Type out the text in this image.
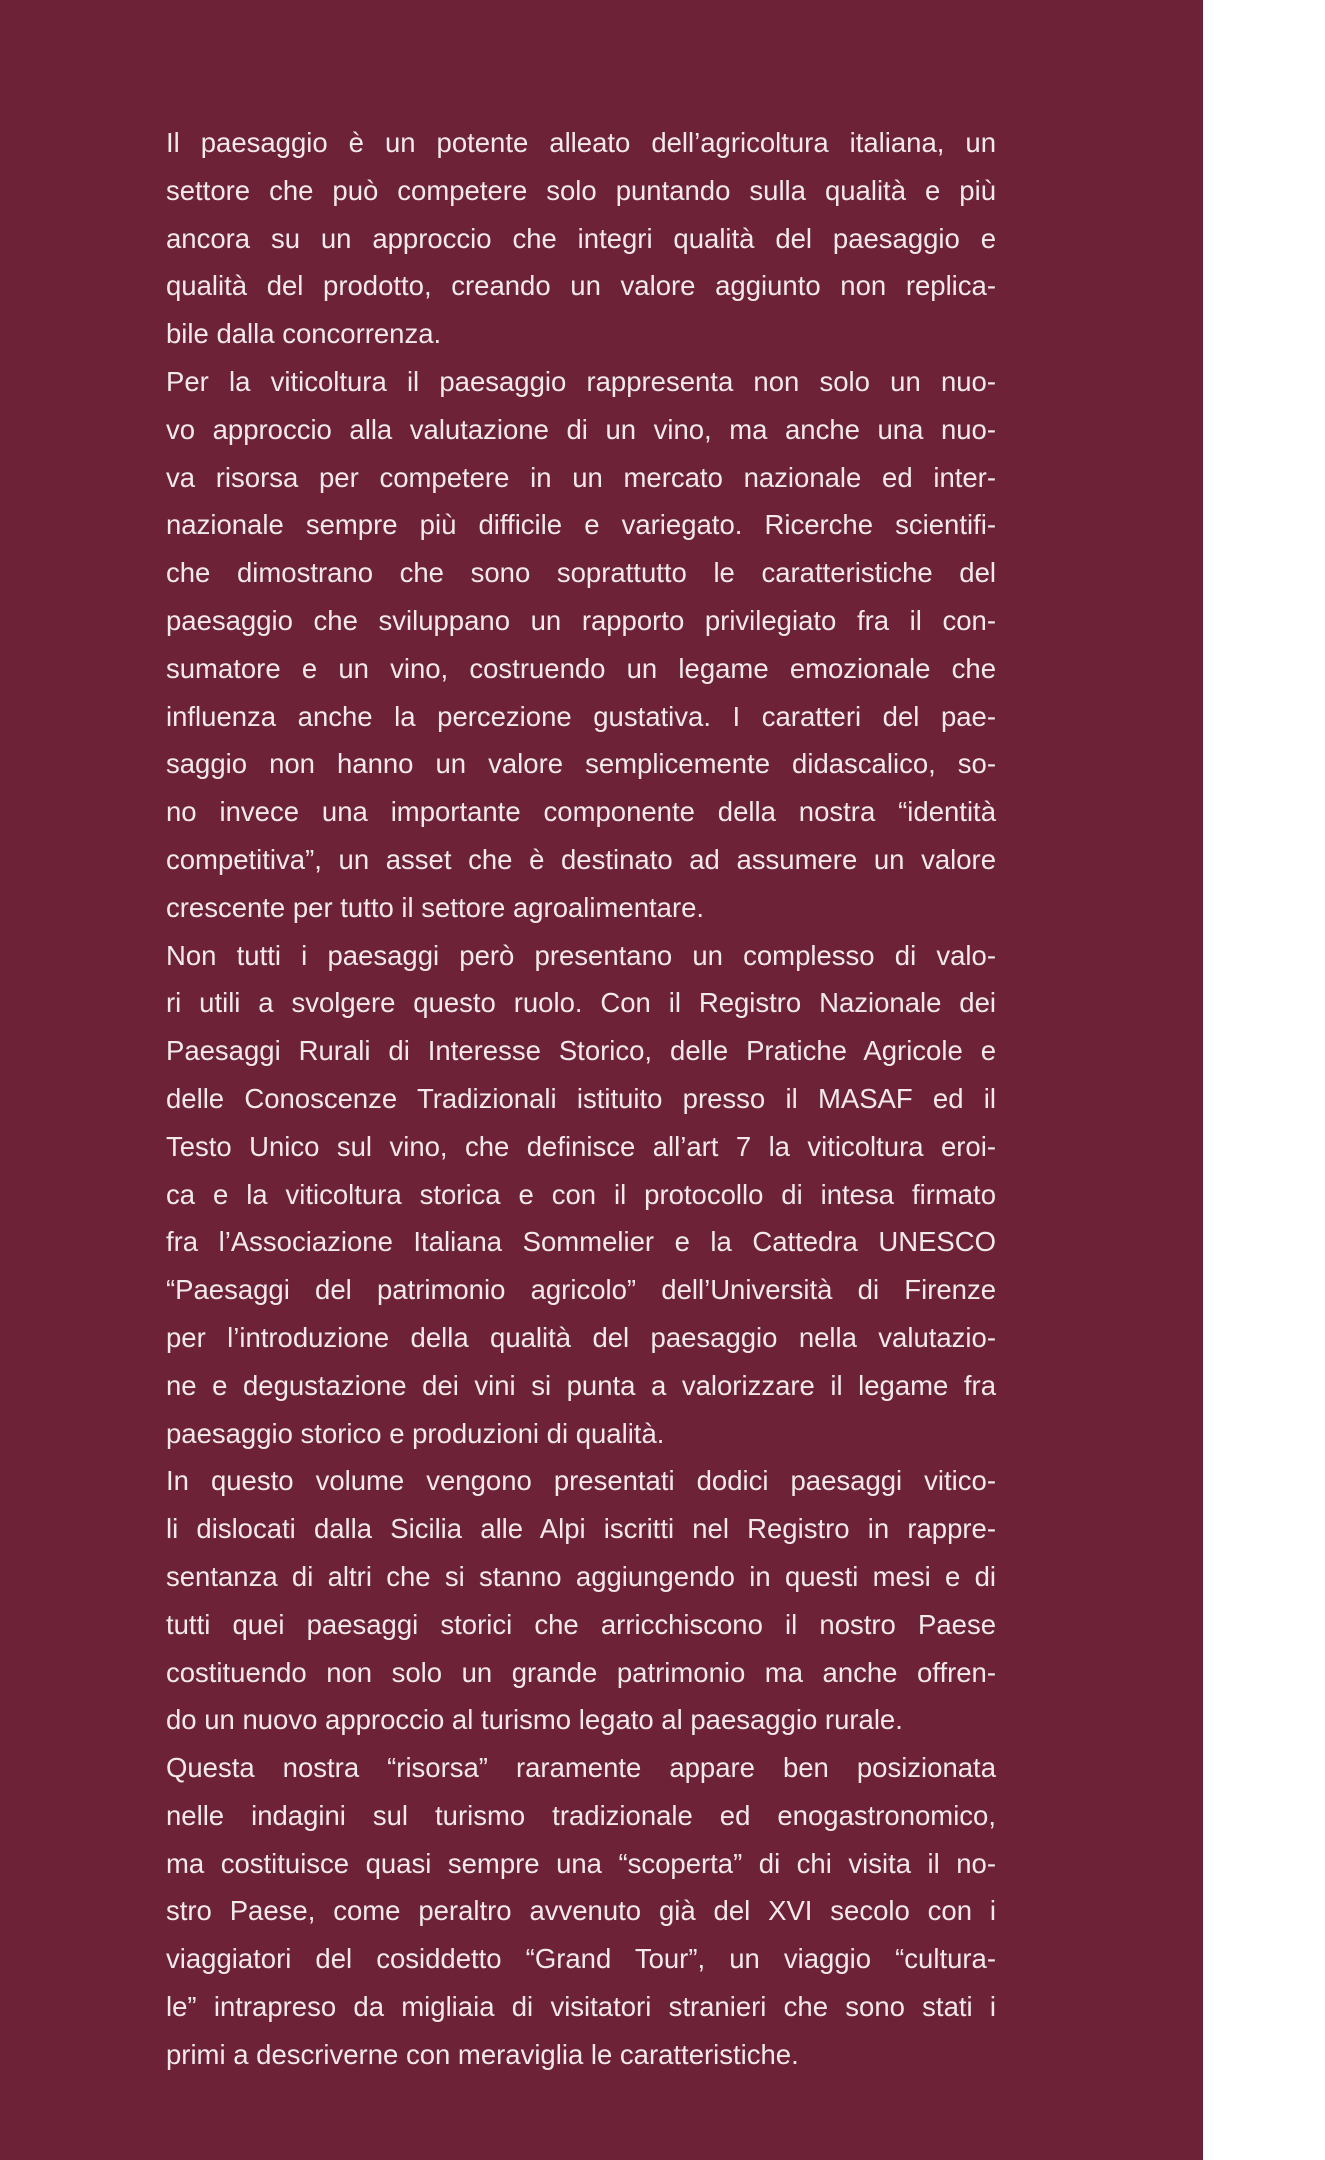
Il paesaggio è un potente alleato dell’agricoltura italiana, un
settore che può competere solo puntando sulla qualità e più
ancora su un approccio che integri qualità del paesaggio e
qualità del prodotto, creando un valore aggiunto non replica-
bile dalla concorrenza.
Per la viticoltura il paesaggio rappresenta non solo un nuo-
vo approccio alla valutazione di un vino, ma anche una nuo-
va risorsa per competere in un mercato nazionale ed inter-
nazionale sempre più difficile e variegato. Ricerche scientifi-
che dimostrano che sono soprattutto le caratteristiche del
paesaggio che sviluppano un rapporto privilegiato fra il con-
sumatore e un vino, costruendo un legame emozionale che
influenza anche la percezione gustativa. I caratteri del pae-
saggio non hanno un valore semplicemente didascalico, so-
no invece una importante componente della nostra “identità
competitiva”, un asset che è destinato ad assumere un valore
crescente per tutto il settore agroalimentare.
Non tutti i paesaggi però presentano un complesso di valo-
ri utili a svolgere questo ruolo. Con il Registro Nazionale dei
Paesaggi Rurali di Interesse Storico, delle Pratiche Agricole e
delle Conoscenze Tradizionali istituito presso il MASAF ed il
Testo Unico sul vino, che definisce all’art 7 la viticoltura eroi-
ca e la viticoltura storica e con il protocollo di intesa firmato
fra l’Associazione Italiana Sommelier e la Cattedra UNESCO
“Paesaggi del patrimonio agricolo” dell’Università di Firenze
per l’introduzione della qualità del paesaggio nella valutazio-
ne e degustazione dei vini si punta a valorizzare il legame fra
paesaggio storico e produzioni di qualità.
In questo volume vengono presentati dodici paesaggi vitico-
li dislocati dalla Sicilia alle Alpi iscritti nel Registro in rappre-
sentanza di altri che si stanno aggiungendo in questi mesi e di
tutti quei paesaggi storici che arricchiscono il nostro Paese
costituendo non solo un grande patrimonio ma anche offren-
do un nuovo approccio al turismo legato al paesaggio rurale.
Questa nostra “risorsa” raramente appare ben posizionata
nelle indagini sul turismo tradizionale ed enogastronomico,
ma costituisce quasi sempre una “scoperta” di chi visita il no-
stro Paese, come peraltro avvenuto già del XVI secolo con i
viaggiatori del cosiddetto “Grand Tour”, un viaggio “cultura-
le” intrapreso da migliaia di visitatori stranieri che sono stati i
primi a descriverne con meraviglia le caratteristiche.
